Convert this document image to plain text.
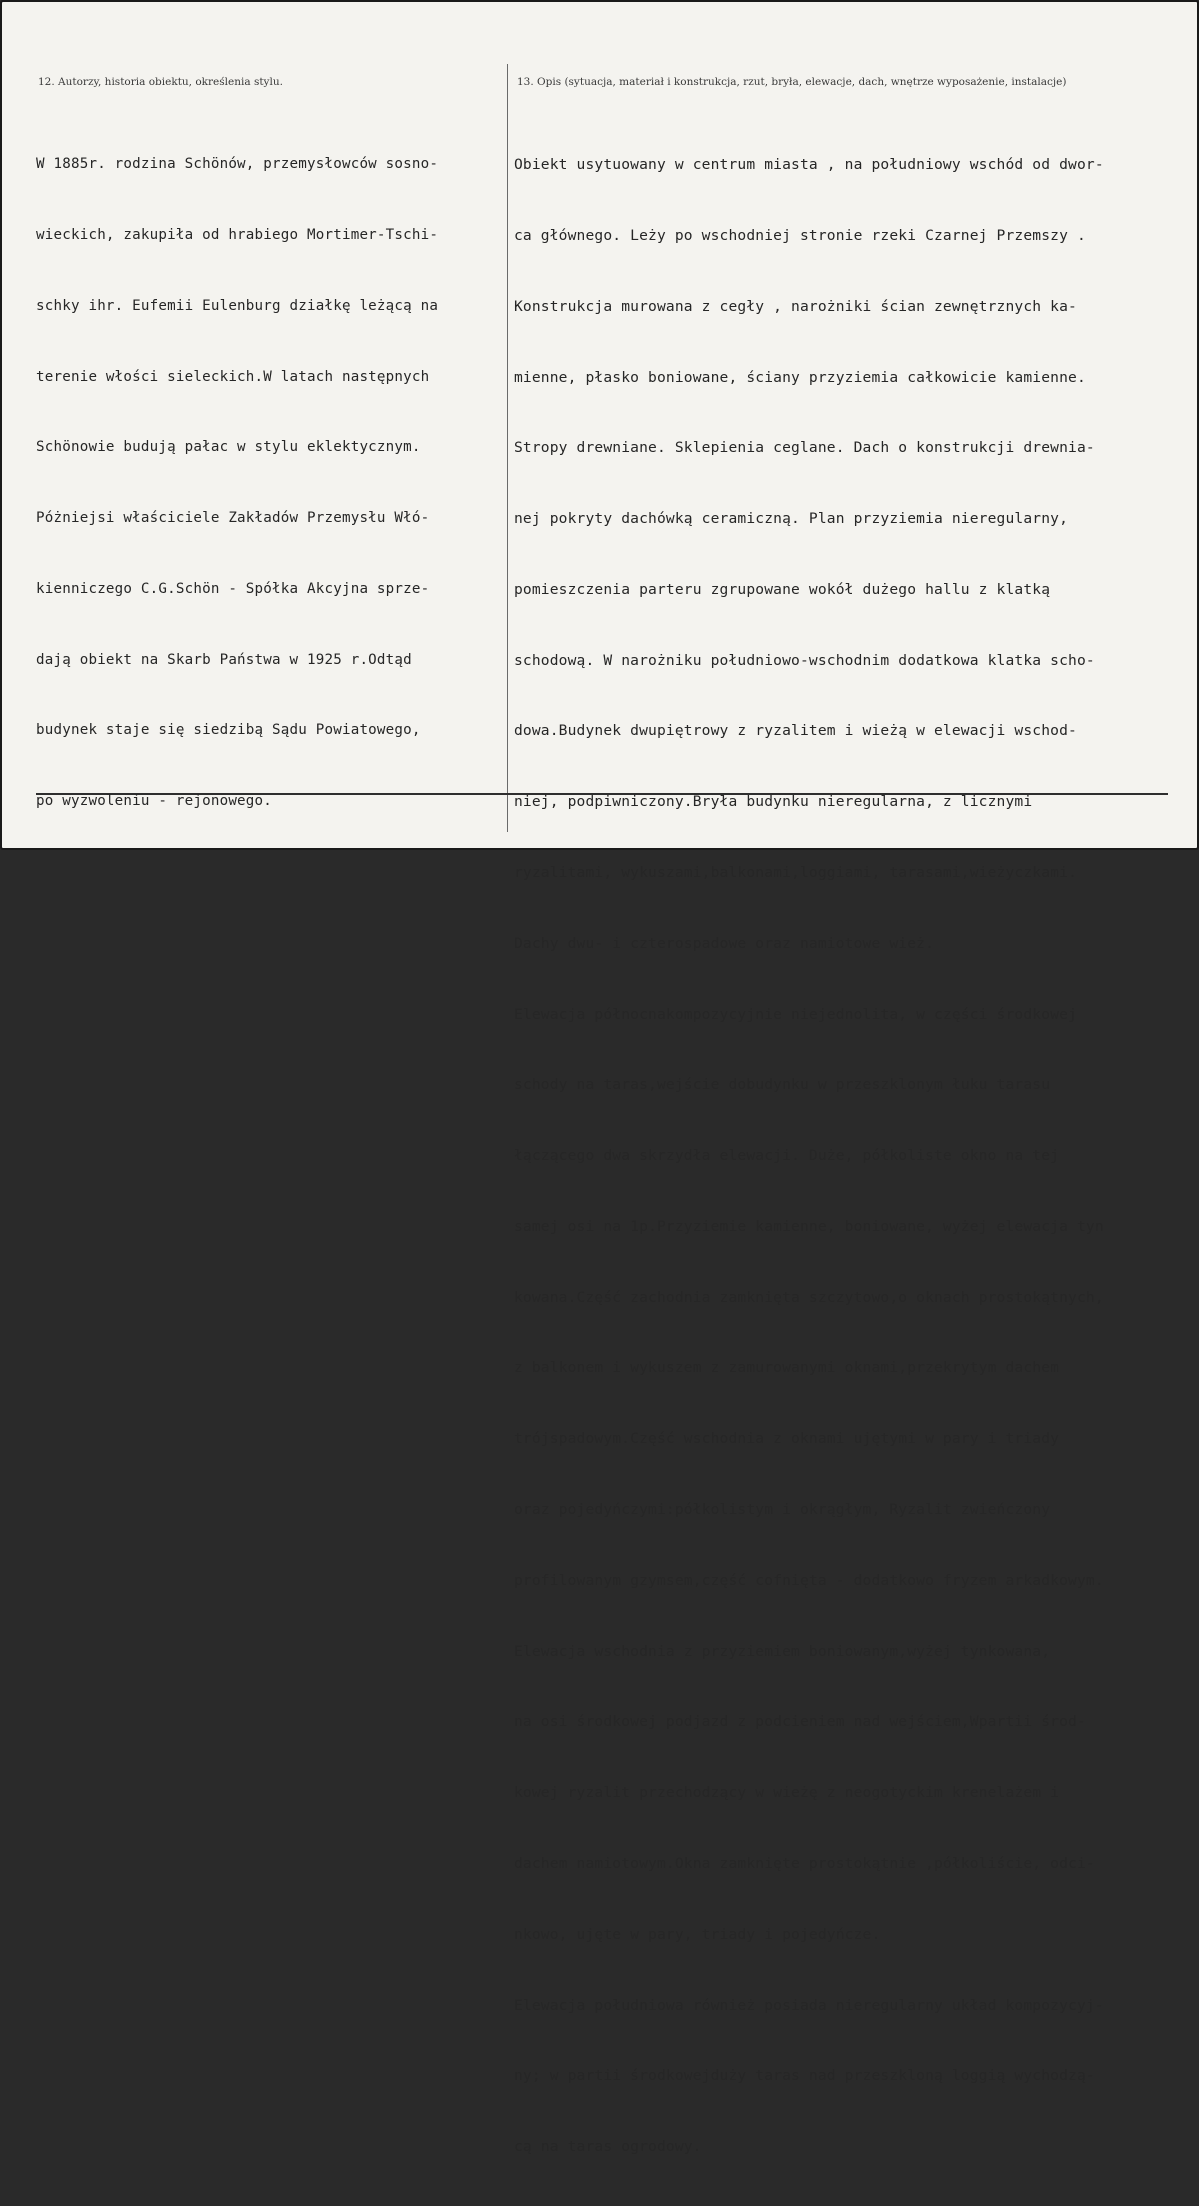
12. Autorzy, historia obiektu, określenia stylu.	13. Opis (sytuacja, materiał i konstrukcja, rzut, bryła, elewacje, dach, wnętrze wyposażenie, instalacje)

W 1885r. rodzina Schönów, przemysłowców sosno-

wieckich, zakupiła od hrabiego Mortimer-Tschi-

schky ihr. Eufemii Eulenburg działkę leżącą na

terenie włości sieleckich.W latach następnych

Schönowie budują pałac w stylu eklektycznym.

Póżniejsi właściciele Zakładów Przemysłu Włó-

kienniczego C.G.Schön - Spółka Akcyjna sprze-

dają obiekt na Skarb Państwa w 1925 r.Odtąd

budynek staje się siedzibą Sądu Powiatowego,

po wyzwoleniu - rejonowego.

Obiekt usytuowany w centrum miasta , na południowy wschód od dwor-

ca głównego. Leży po wschodniej stronie rzeki Czarnej Przemszy .

Konstrukcja murowana z cegły , narożniki ścian zewnętrznych ka-

mienne, płasko boniowane, ściany przyziemia całkowicie kamienne.

Stropy drewniane. Sklepienia ceglane. Dach o konstrukcji drewnia-

nej pokryty dachówką ceramiczną. Plan przyziemia nieregularny,

pomieszczenia parteru zgrupowane wokół dużego hallu z klatką

schodową. W narożniku południowo-wschodnim dodatkowa klatka scho-

dowa.Budynek dwupiętrowy z ryzalitem i wieżą w elewacji wschod-

niej, podpiwniczony.Bryła budynku nieregularna, z licznymi

ryzalitami, wykuszami,balkonami,loggiami, tarasami,wieżyczkami.

Dachy dwu- i czterospadowe oraz namiotowe wież.

Elewacja północnakompozycyjnie niejednolita, w części środkowej

schody na taras,wejście dobudynku w przeszklonym łuku tarasu

łączącego dwa skrzydła elewacji. Duże, półkoliste okno na tej

samej osi na 1p.Przyziemie kamienne, boniowane, wyżej elewacja tyn

kowana.Część zachodnia zamknięta szczytowo,o oknach prostokątnych,

z balkonem i wykuszem z zamurowanymi oknami,przekrytym dachem

trójspadowym.Część wschodnia z oknami ujętymi w pary i triady

oraz pojedyńczymi:półkolistym i okrągłym, Ryzalit zwieńczony

profilowanym gzymsem,część cofnięta - dodatkowo fryzem arkadkowym.

Elewacja wschodnia z przyziemiem boniowanym,wyżej tynkowana,

na osi środkowej podjazd z podcieniem nad wejściem,Wpartii środ-

kowej ryzalit przechodzący w wieżę z neogotyckim krenelażem i

dachem namiotowym.Okna zamknięte prostokątnie ,półkoliście, odci-

nkowo, ujęte w pary, triady i pojedyńcze.

Elewacja południowa również posiada nieregularny układ kompozycyj-

ny; w partii środkowejduży taras nad przeszkloną loggią wychodzą-

cą na taras ogrodowy.
